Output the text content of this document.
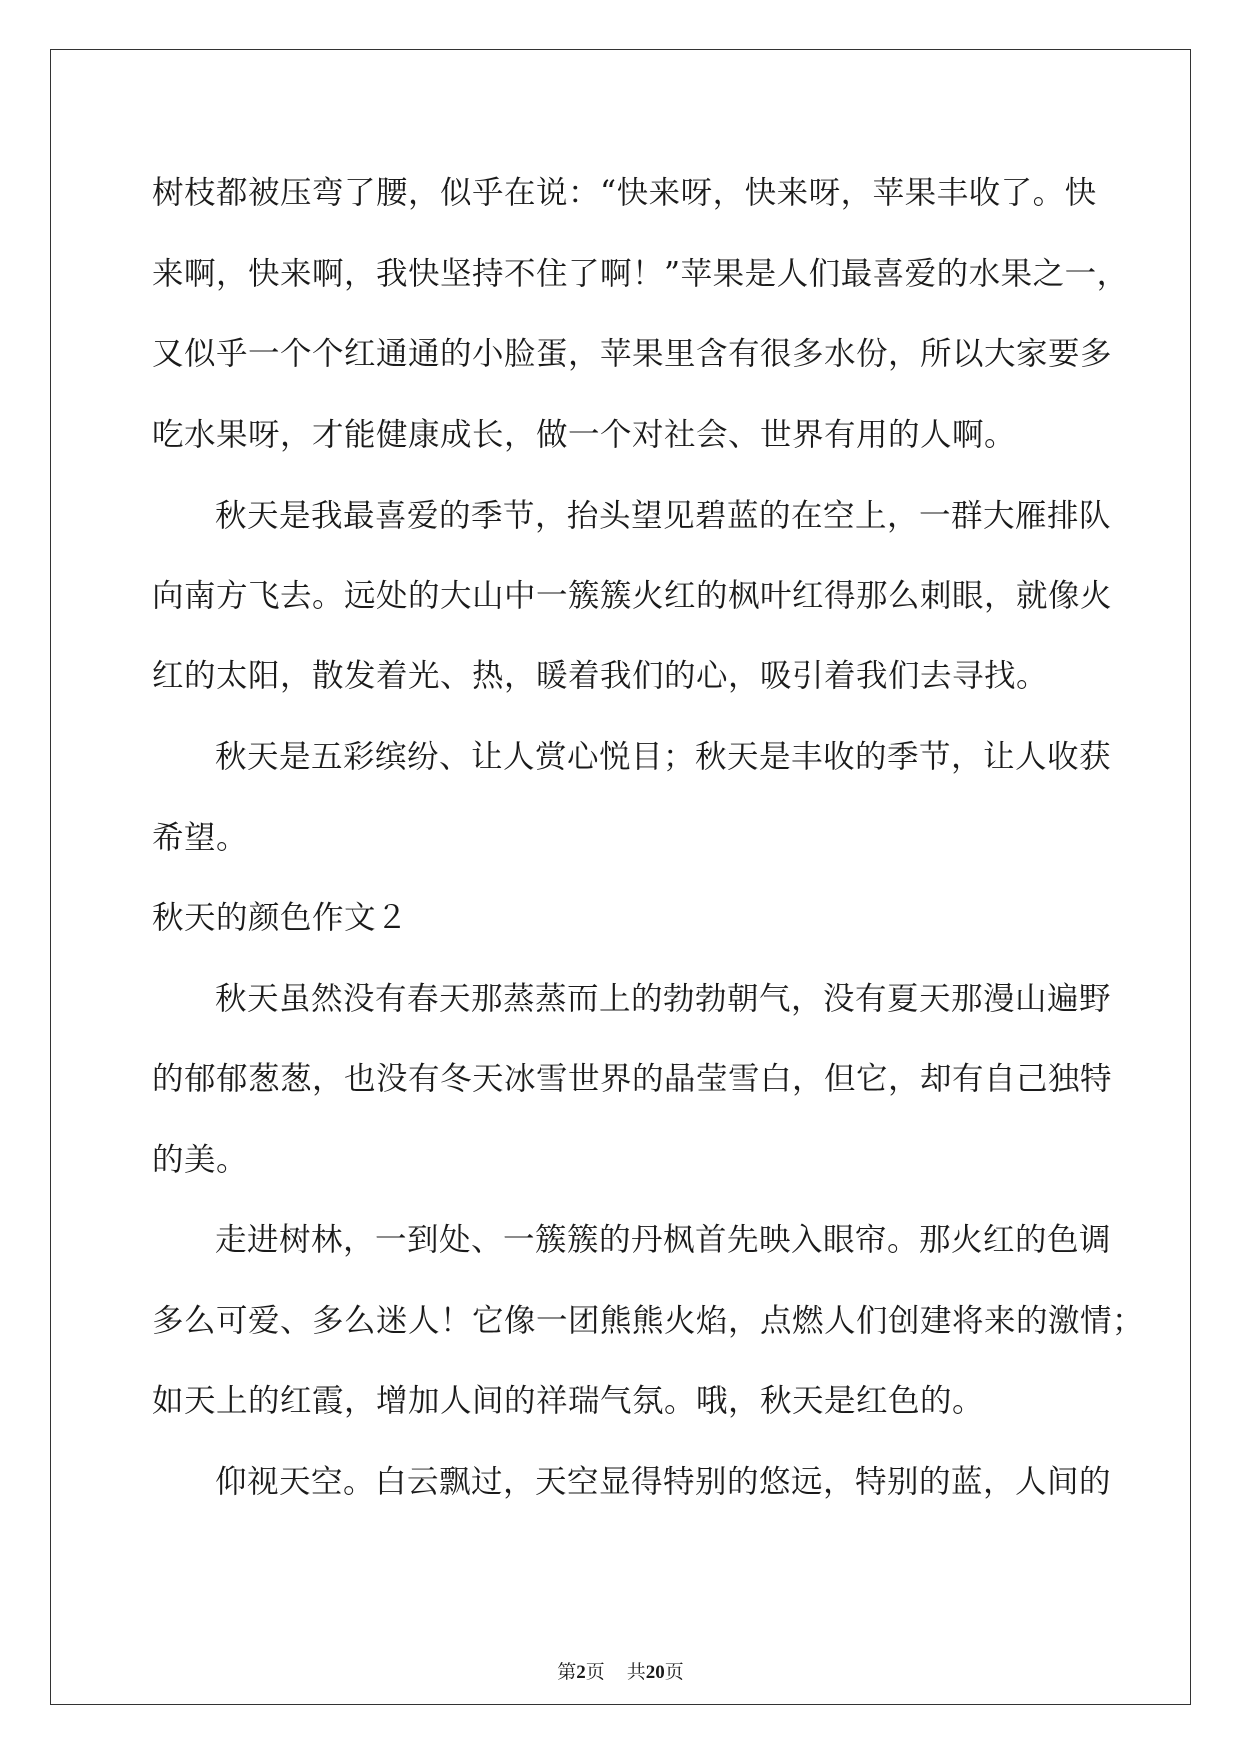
树枝都被压弯了腰，似乎在说：“快来呀，快来呀，苹果丰收了。快
来啊，快来啊，我快坚持不住了啊！”苹果是人们最喜爱的水果之一，
又似乎一个个红通通的小脸蛋，苹果里含有很多水份，所以大家要多
吃水果呀，才能健康成长，做一个对社会、世界有用的人啊。
秋天是我最喜爱的季节，抬头望见碧蓝的在空上，一群大雁排队
向南方飞去。远处的大山中一簇簇火红的枫叶红得那么刺眼，就像火
红的太阳，散发着光、热，暖着我们的心，吸引着我们去寻找。
秋天是五彩缤纷、让人赏心悦目；秋天是丰收的季节，让人收获
希望。
秋天的颜色作文２
秋天虽然没有春天那蒸蒸而上的勃勃朝气，没有夏天那漫山遍野
的郁郁葱葱，也没有冬天冰雪世界的晶莹雪白，但它，却有自己独特
的美。
走进树林，一到处、一簇簇的丹枫首先映入眼帘。那火红的色调
多么可爱、多么迷人！它像一团熊熊火焰，点燃人们创建将来的激情；
如天上的红霞，增加人间的祥瑞气氛。哦，秋天是红色的。
仰视天空。白云飘过，天空显得特别的悠远，特别的蓝，人间的
第2页 共20页
